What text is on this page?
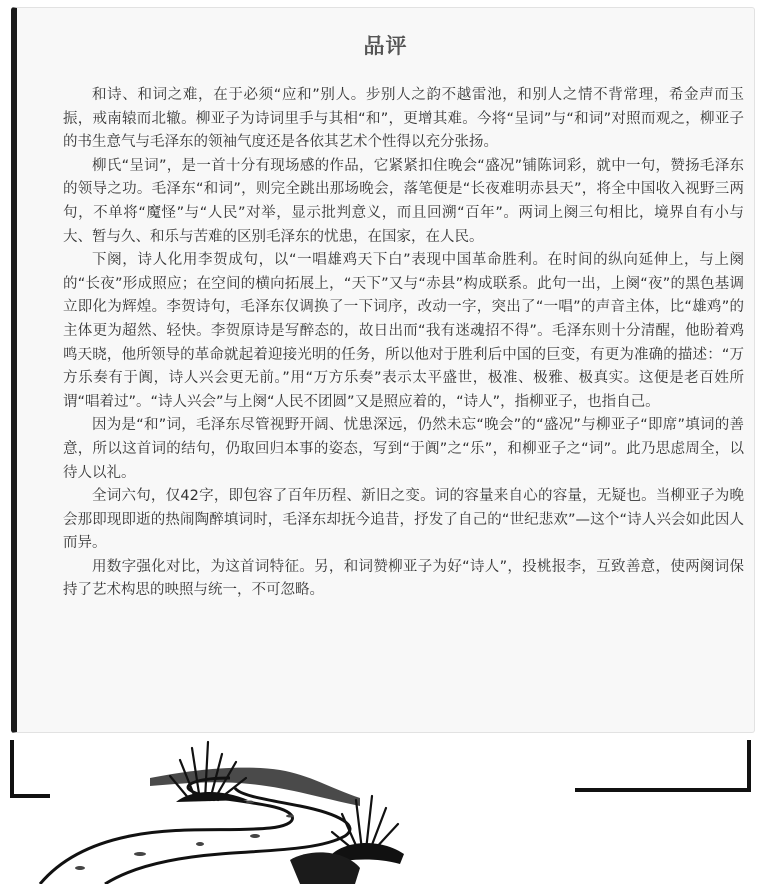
品评

和诗、和词之难，在于必须“应和”别人。步别人之韵不越雷池，和别人之情不背常理，希金声而玉振，戒南辕而北辙。柳亚子为诗词里手与其相“和”，更增其难。今将“呈词”与“和词”对照而观之，柳亚子的书生意气与毛泽东的领袖气度还是各依其艺术个性得以充分张扬。

柳氏“呈词”，是一首十分有现场感的作品，它紧紧扣住晚会“盛况”铺陈词彩，就中一句，赞扬毛泽东的领导之功。毛泽东“和词”，则完全跳出那场晚会，落笔便是“长夜难明赤县天”，将全中国收入视野三两句，不单将“魔怪”与“人民”对举，显示批判意义，而且回溯“百年”。两词上阕三句相比，境界自有小与大、暂与久、和乐与苦难的区别毛泽东的忧患，在国家，在人民。

下阕，诗人化用李贺成句，以“一唱雄鸡天下白”表现中国革命胜利。在时间的纵向延伸上，与上阕的“长夜”形成照应；在空间的横向拓展上，“天下”又与“赤县”构成联系。此句一出，上阕“夜”的黑色基调立即化为辉煌。李贺诗句，毛泽东仅调换了一下词序，改动一字，突出了“一唱”的声音主体，比“雄鸡”的主体更为超然、轻快。李贺原诗是写醉态的，故日出而“我有迷魂招不得”。毛泽东则十分清醒，他盼着鸡鸣天晓，他所领导的革命就起着迎接光明的任务，所以他对于胜利后中国的巨变，有更为准确的描述：“万方乐奏有于阗，诗人兴会更无前。”用“万方乐奏”表示太平盛世，极准、极雅、极真实。这便是老百姓所谓“唱着过”。“诗人兴会”与上阕“人民不团圆”又是照应着的，“诗人”，指柳亚子，也指自己。

因为是“和”词，毛泽东尽管视野开阔、忧患深远，仍然未忘“晚会”的“盛况”与柳亚子“即席”填词的善意，所以这首词的结句，仍取回归本事的姿态，写到“于阗”之“乐”，和柳亚子之“词”。此乃思虑周全，以待人以礼。

全词六句，仅42字，即包容了百年历程、新旧之变。词的容量来自心的容量，无疑也。当柳亚子为晚会那即现即逝的热闹陶醉填词时，毛泽东却抚今追昔，抒发了自己的“世纪悲欢”—这个“诗人兴会如此因人而异。

用数字强化对比，为这首词特征。另，和词赞柳亚子为好“诗人”，投桃报李，互致善意，使两阕词保持了艺术构思的映照与统一，不可忽略。
